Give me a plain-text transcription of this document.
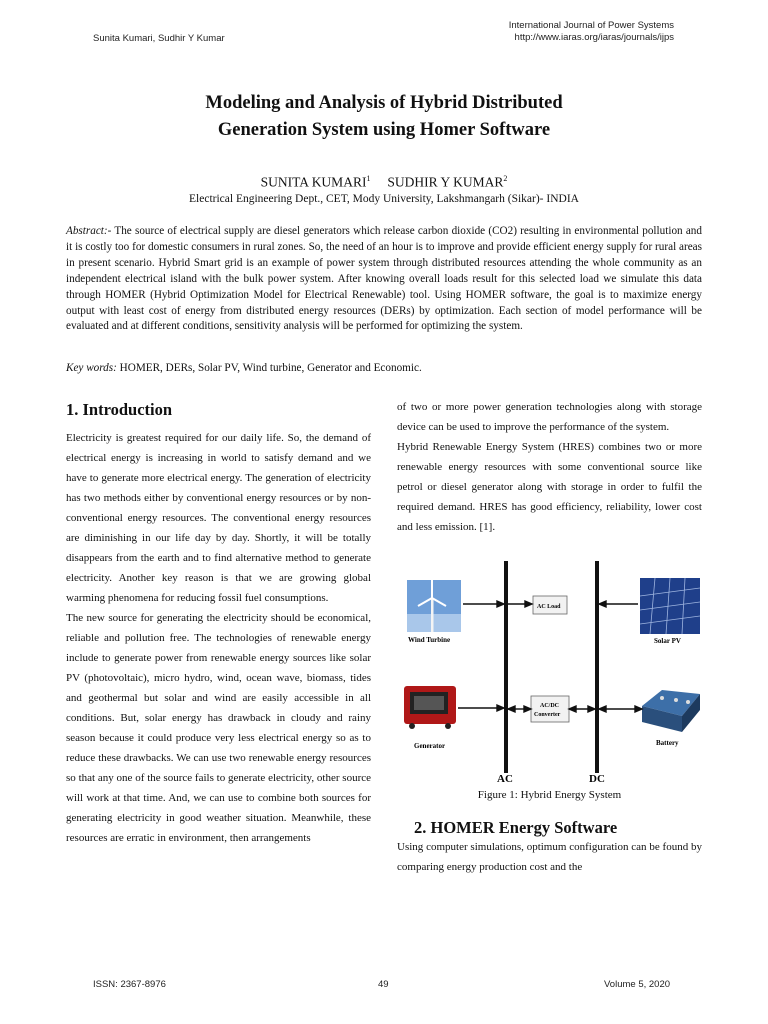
Sunita Kumari, Sudhir Y Kumar
International Journal of Power Systems
http://www.iaras.org/iaras/journals/ijps
Modeling and Analysis of Hybrid Distributed
Generation System using Homer Software
SUNITA KUMARI$^1$ SUDHIR Y KUMAR$^2$
Electrical Engineering Dept., CET, Mody University, Lakshmangarh (Sikar)- INDIA
Abstract:- The source of electrical supply are diesel generators which release carbon dioxide (CO2) resulting in environmental pollution and it is costly too for domestic consumers in rural zones. So, the need of an hour is to improve and provide efficient energy supply for rural areas in present scenario. Hybrid Smart grid is an example of power system through distributed resources attending the whole community as an independent electrical island with the bulk power system. After knowing overall loads result for this selected load we simulate this data through HOMER (Hybrid Optimization Model for Electrical Renewable) tool. Using HOMER software, the goal is to maximize energy output with least cost of energy from distributed energy resources (DERs) by optimization. Each section of model performance will be evaluated and at different conditions, sensitivity analysis will be performed for optimizing the system.
Key words: HOMER, DERs, Solar PV, Wind turbine, Generator and Economic.
1. Introduction
Electricity is greatest required for our daily life. So, the demand of electrical energy is increasing in world to satisfy demand and we have to generate more electrical energy. The generation of electricity has two methods either by conventional energy resources or by non-conventional energy resources. The conventional energy resources are diminishing in our life day by day. Shortly, it will be totally disappears from the earth and to find alternative method to generate electricity. Another key reason is that we are growing global warming phenomena for reducing fossil fuel consumptions.
The new source for generating the electricity should be economical, reliable and pollution free. The technologies of renewable energy include to generate power from renewable energy sources like solar PV (photovoltaic), micro hydro, wind, ocean wave, biomass, tides and geothermal but solar and wind are easily accessible in all conditions. But, solar energy has drawback in cloudy and rainy season because it could produce very less electrical energy so as to reduce these drawbacks. We can use two renewable energy resources so that any one of the source fails to generate electricity, other source will work at that time. And, we can use to combine both sources for generating electricity in good weather situation. Meanwhile, these resources are erratic in environment, then arrangements
of two or more power generation technologies along with storage device can be used to improve the performance of the system.
Hybrid Renewable Energy System (HRES) combines two or more renewable energy resources with some conventional source like petrol or diesel generator along with storage in order to fulfil the required demand. HRES has good efficiency, reliability, lower cost and less emission. [1].
Wind Turbine	Solar PV
AC Load
Generator
AC/DC
Converter
Battery
AC	DC
Figure 1: Hybrid Energy System
2. HOMER Energy Software
Using computer simulations, optimum configuration can be found by comparing energy production cost and the
ISSN: 2367-8976	49	Volume 5, 2020
